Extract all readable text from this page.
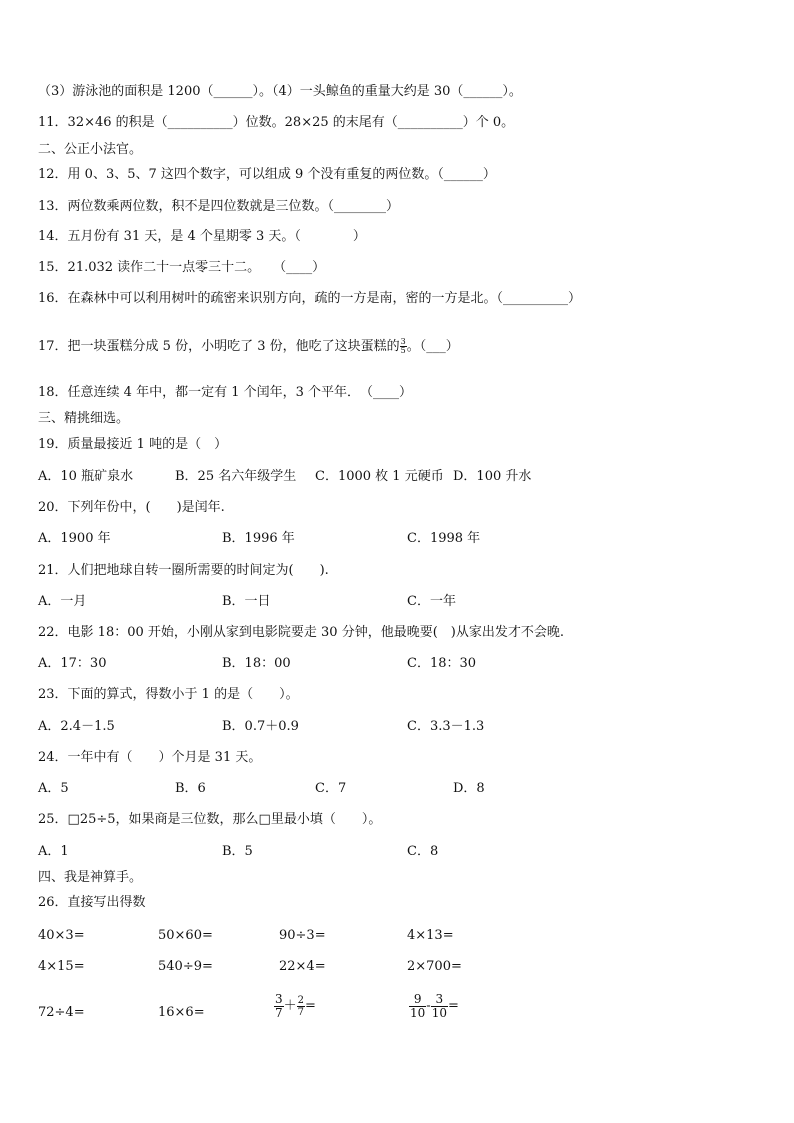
（3）游泳池的面积是 1200（______）。（4）一头鲸鱼的重量大约是 30（______）。
11．32×46 的积是（__________）位数。28×25 的末尾有（__________）个 0。
二、公正小法官。
12．用 0、3、5、7 这四个数字，可以组成 9 个没有重复的两位数。（______）
13．两位数乘两位数，积不是四位数就是三位数。（________）
14．五月份有 31 天，是 4 个星期零 3 天。（　　　　）
15．21.032 读作二十一点零三十二。　　（____）
16．在森林中可以利用树叶的疏密来识别方向，疏的一方是南，密的一方是北。（__________）
17．把一块蛋糕分成 5 份，小明吃了 3 份，他吃了这块蛋糕的 $\frac{3}{5}$ 。（___）
18．任意连续 4 年中，都一定有 1 个闰年，3 个平年．　（____）
三、精挑细选。
19．质量最接近 1 吨的是（　）
A．10 瓶矿泉水	B．25 名六年级学生 C．1000 枚 1 元硬币 D．100 升水
20．下列年份中，(　　)是闰年.
A．1900 年	B．1996 年	C．1998 年
21．人们把地球自转一圈所需要的时间定为(　　).
A．一月	B．一日	C．一年
22．电影 18：00 开始，小刚从家到电影院要走 30 分钟，他最晚要(　)从家出发才不会晚.
A．17：30	B．18：00	C．18：30
23．下面的算式，得数小于 1 的是（　　）。
A．2.4－1.5	B．0.7＋0.9	C．3.3－1.3
24．一年中有（　　）个月是 31 天。
A．5	B．6	C．7	D．8
25．□25÷5，如果商是三位数，那么□里最小填（　　）。
A．1	B．5	C．8
四、我是神算手。
26．直接写出得数
40×3=	50×60=	90÷3=	4×13=
4×15=	540÷9=	22×4=	2×700=
72÷4=	16×6=	$\frac{3}{7} + \frac{2}{7}$ =	$\frac{9}{10} - \frac{3}{10}$ =
